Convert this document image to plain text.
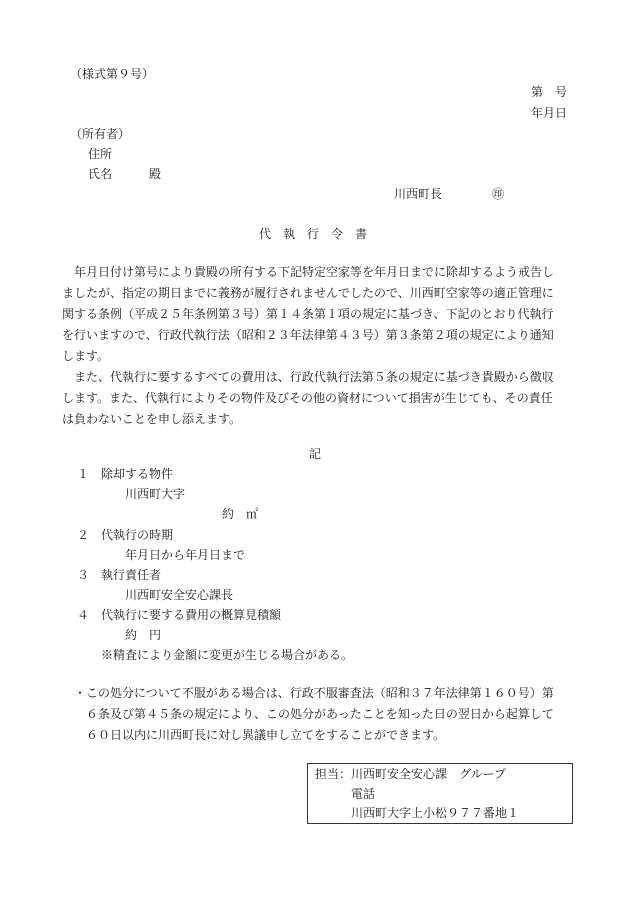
（様式第９号）
第　号
年月日
（所有者）
住所
氏名	殿
川西町長	㊞
代　執　行　令　書
　年月日付け第号により貴殿の所有する下記特定空家等を年月日までに除却するよう戒告し
ましたが、指定の期日までに義務が履行されませんでしたので、川西町空家等の適正管理に
関する条例（平成２５年条例第３号）第１４条第１項の規定に基づき、下記のとおり代執行
を行いますので、行政代執行法（昭和２３年法律第４３号）第３条第２項の規定により通知
します。
　また、代執行に要するすべての費用は、行政代執行法第５条の規定に基づき貴殿から徴収
します。また、代執行によりその物件及びその他の資材について損害が生じても、その責任
は負わないことを申し添えます。
記
１ 除却する物件
川西町大字
約　㎡
２ 代執行の時期
年月日から年月日まで
３ 執行責任者
川西町安全安心課長
４ 代執行に要する費用の概算見積額
約　円
※精査により金額に変更が生じる場合がある。
・この処分について不服がある場合は、行政不服審査法（昭和３７年法律第１６０号）第
６条及び第４５条の規定により、この処分があったことを知った日の翌日から起算して
６０日以内に川西町長に対し異議申し立てをすることができます。
担当：川西町安全安心課　グループ
電話
川西町大字上小松９７７番地１
